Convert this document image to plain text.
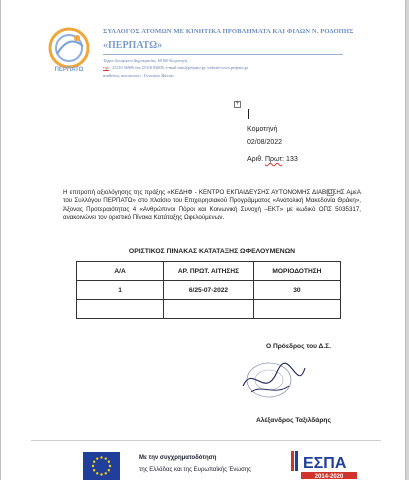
ΠΕΡΠΑΤΩ
ΣΥΛΛΟΓΟΣ ΑΤΟΜΩΝ ΜΕ ΚΙΝΗΤΙΚΑ ΠΡΟΒΛΗΜΑΤΑ ΚΑΙ ΦΙΛΩΝ Ν. ΡΟΔΟΠΗΣ
«ΠΕΡΠΑΤΩ»
Τέρμα Λεωφόρου Δημοκρατίας, 69100 Κομοτηνή
τηλ.: 25310 36909 fax 25310 83608, e-mail:info@perpato.gr, website:www.perpato.gr
αναθέσεις αποτανούσι : Γυναικών Βάντα»
+
Κομοτηνή
02/08/2022
Αριθ. Πρωτ: 133
Η επιτροπή αξιολόγησης της πράξης «ΚΕΔΗΦ - ΚΕΝΤΡΟ ΕΚΠΑΙΔΕΥΣΗΣ ΑΥΤΟΝΟΜΗΣ ΔΙΑΒΙΩΣΗΣ ΑμεΑ του Συλλόγου ΠΕΡΠΑΤΩ» στο πλαίσιο του Επιχειρησιακού Προγράμματος «Ανατολική Μακεδονία Θράκη», Άξονας Προτεραιότητας 4 «Ανθρώπινοι Πόροι και Κοινωνική Συνοχή –ΕΚΤ» με κωδικό ΟΠΣ 5035317, ανακοινώνει τον οριστικό Πίνακα Κατάταξης Ωφελούμενων.
ΟΡΙΣΤΙΚΟΣ ΠΙΝΑΚΑΣ ΚΑΤΑΤΑΞΗΣ ΩΦΕΛΟΥΜΕΝΩΝ
Α/Α	ΑΡ. ΠΡΩΤ. ΑΙΤΗΣΗΣ	ΜΟΡΙΟΔΟΤΗΣΗ
1	6/25-07-2022	30

Ο Πρόεδρος του Δ.Σ.
Αλέξανδρος Ταξιλδάρης
Με την συγχρηματοδότηση
της Ελλάδας και της Ευρωπαϊκής Ένωσης	ΕΣΠΑ
2014-2020
